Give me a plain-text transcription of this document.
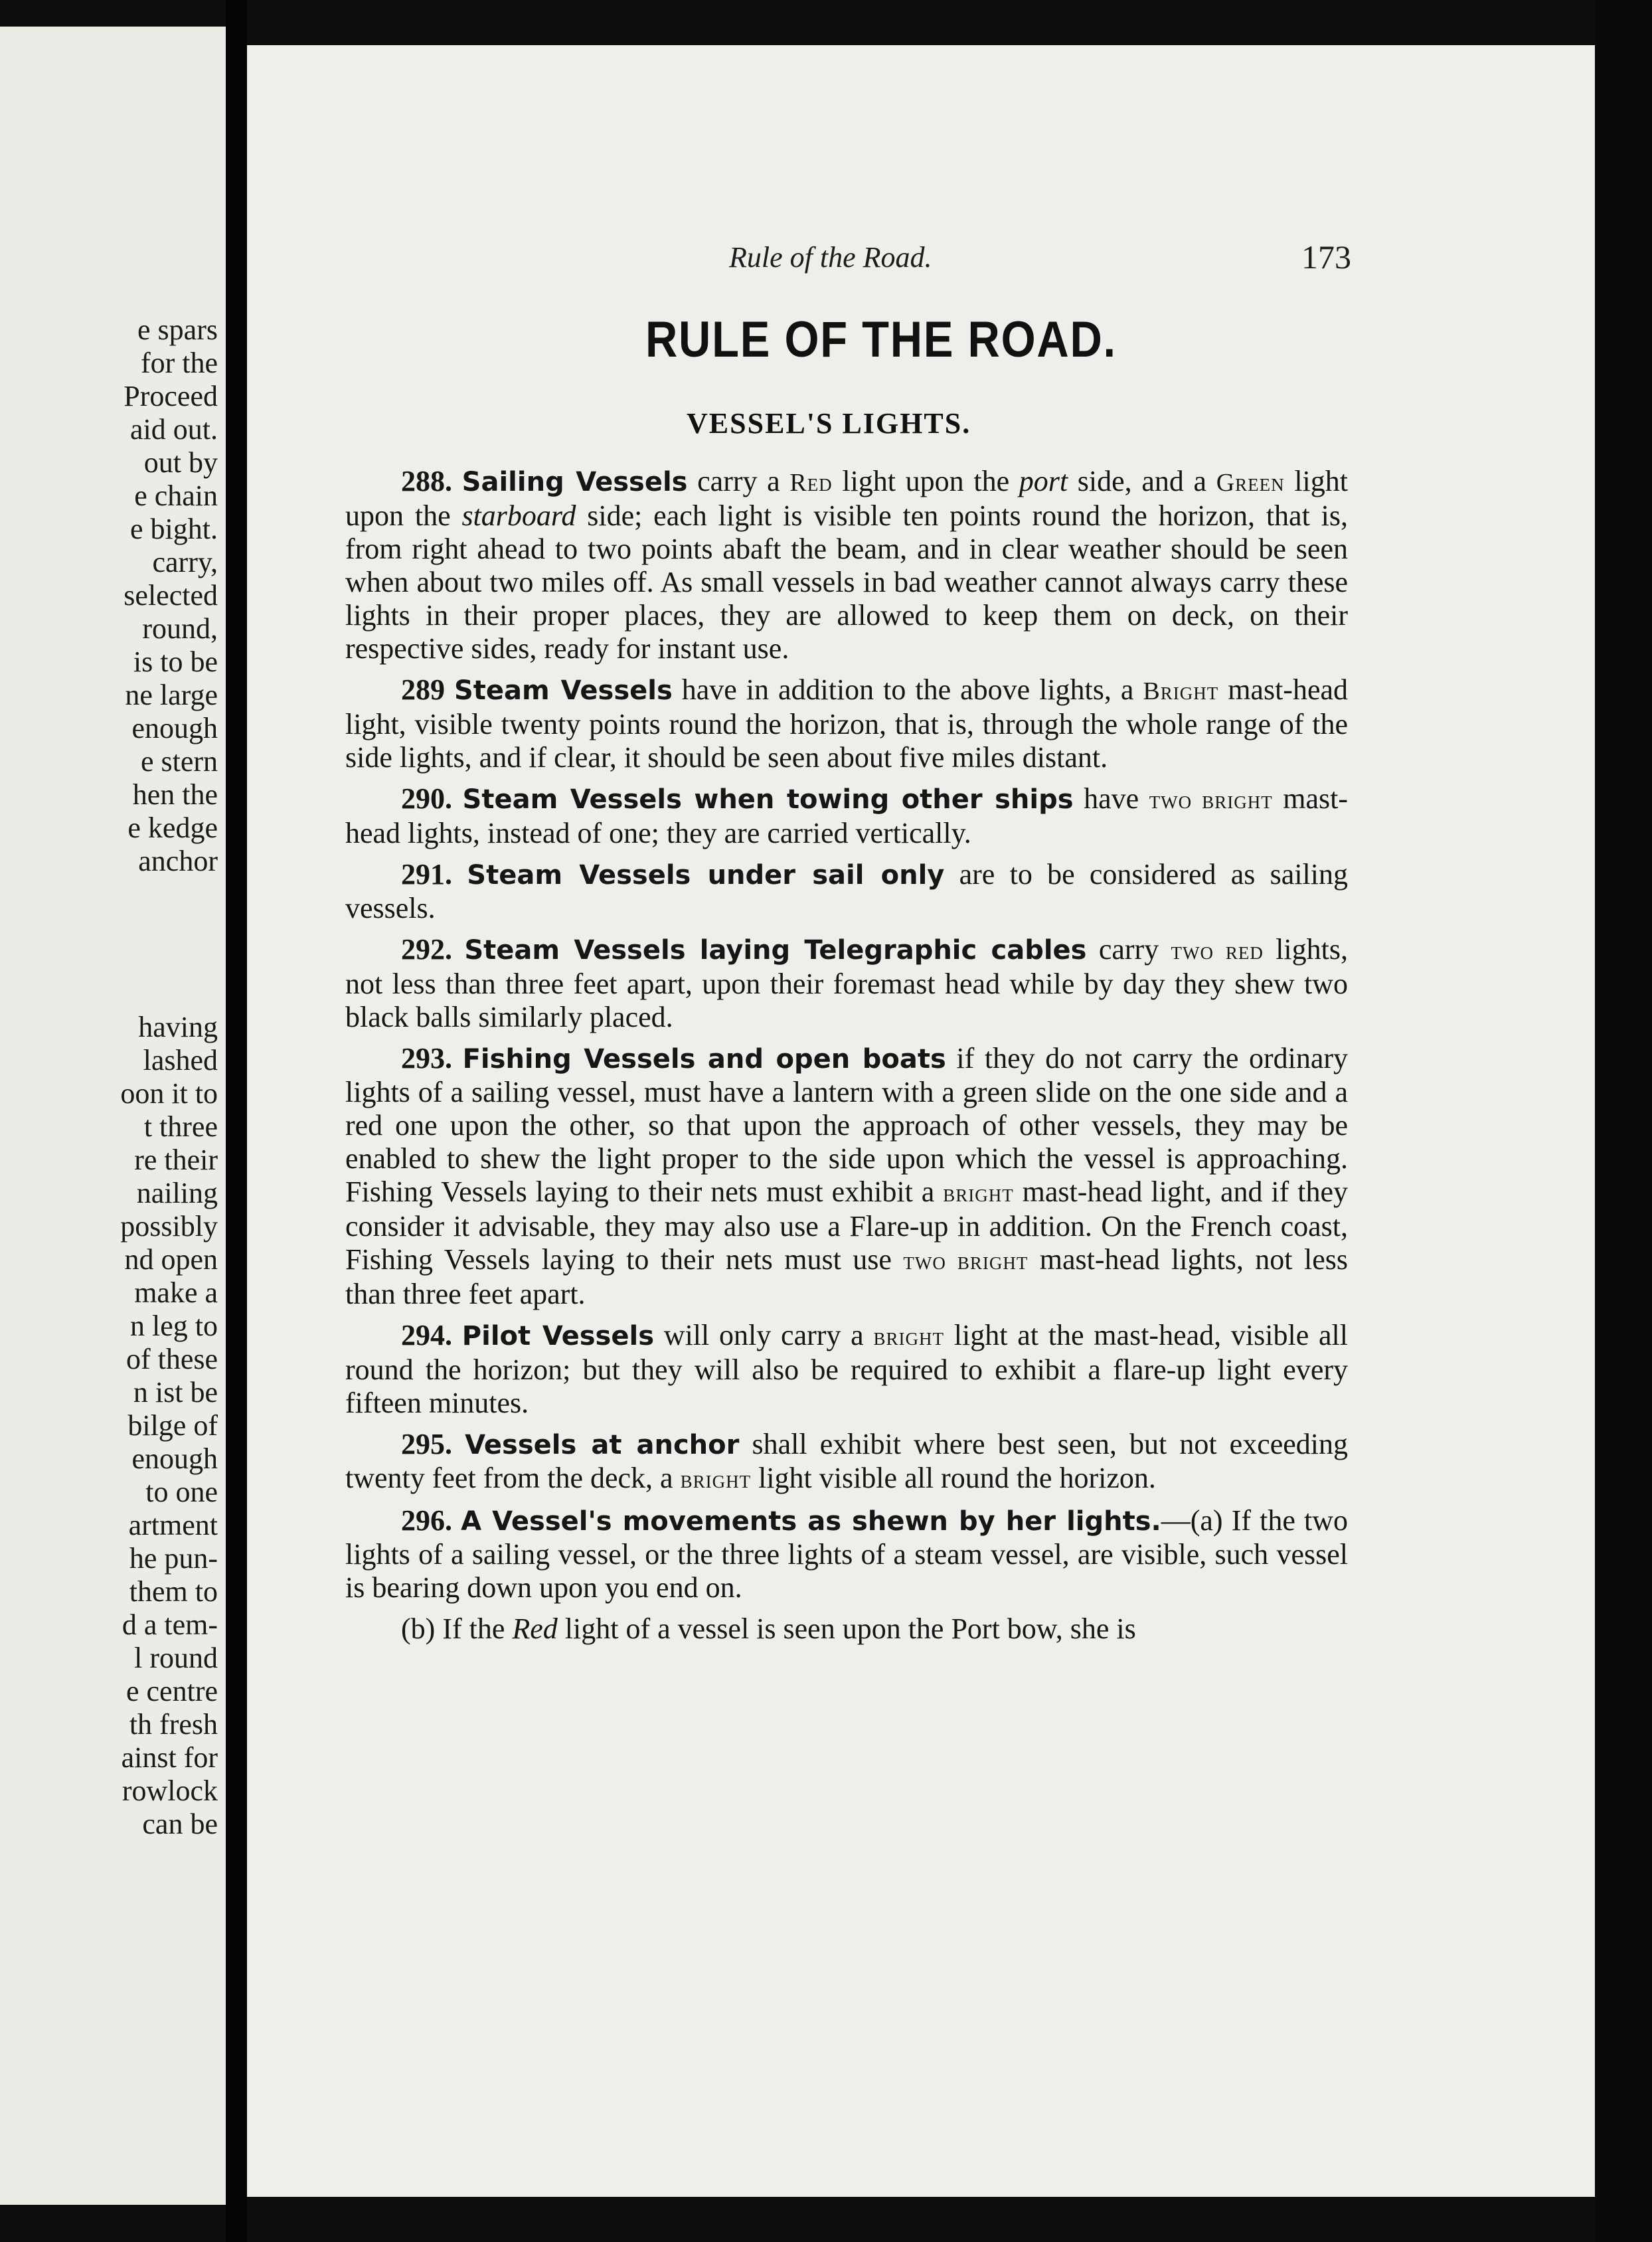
e spars
for the
Proceed
aid out.
out by
e chain
e bight.
carry,
selected
round,
is to be
ne large
enough
e stern
hen the
e kedge
anchor
having
lashed
oon it to
t three
re their
nailing
possibly
nd open
make a
n leg to
of these
n ist be
bilge of
enough
to one
artment
he pun-
them to
d a tem-
l round
e centre
th fresh
ainst for
rowlock
can be
Rule of the Road.	173
RULE OF THE ROAD.
VESSEL'S LIGHTS.

288. Sailing Vessels carry a Red light upon the port side, and a Green light upon the starboard side; each light is visible ten points round the horizon, that is, from right ahead to two points abaft the beam, and in clear weather should be seen when about two miles off. As small vessels in bad weather cannot always carry these lights in their proper places, they are allowed to keep them on deck, on their respective sides, ready for instant use.

289 Steam Vessels have in addition to the above lights, a Bright mast-head light, visible twenty points round the horizon, that is, through the whole range of the side lights, and if clear, it should be seen about five miles distant.

290. Steam Vessels when towing other ships have two bright mast-head lights, instead of one; they are carried vertically.

291. Steam Vessels under sail only are to be considered as sailing vessels.

292. Steam Vessels laying Telegraphic cables carry two red lights, not less than three feet apart, upon their foremast head while by day they shew two black balls similarly placed.

293. Fishing Vessels and open boats if they do not carry the ordinary lights of a sailing vessel, must have a lantern with a green slide on the one side and a red one upon the other, so that upon the approach of other vessels, they may be enabled to shew the light proper to the side upon which the vessel is approaching. Fishing Vessels laying to their nets must exhibit a bright mast-head light, and if they consider it advisable, they may also use a Flare-up in addition. On the French coast, Fishing Vessels laying to their nets must use two bright mast-head lights, not less than three feet apart.

294. Pilot Vessels will only carry a bright light at the mast-head, visible all round the horizon; but they will also be required to exhibit a flare-up light every fifteen minutes.

295. Vessels at anchor shall exhibit where best seen, but not exceeding twenty feet from the deck, a bright light visible all round the horizon.

296. A Vessel's movements as shewn by her lights.—(a) If the two lights of a sailing vessel, or the three lights of a steam vessel, are visible, such vessel is bearing down upon you end on.

(b) If the Red light of a vessel is seen upon the Port bow, she is
